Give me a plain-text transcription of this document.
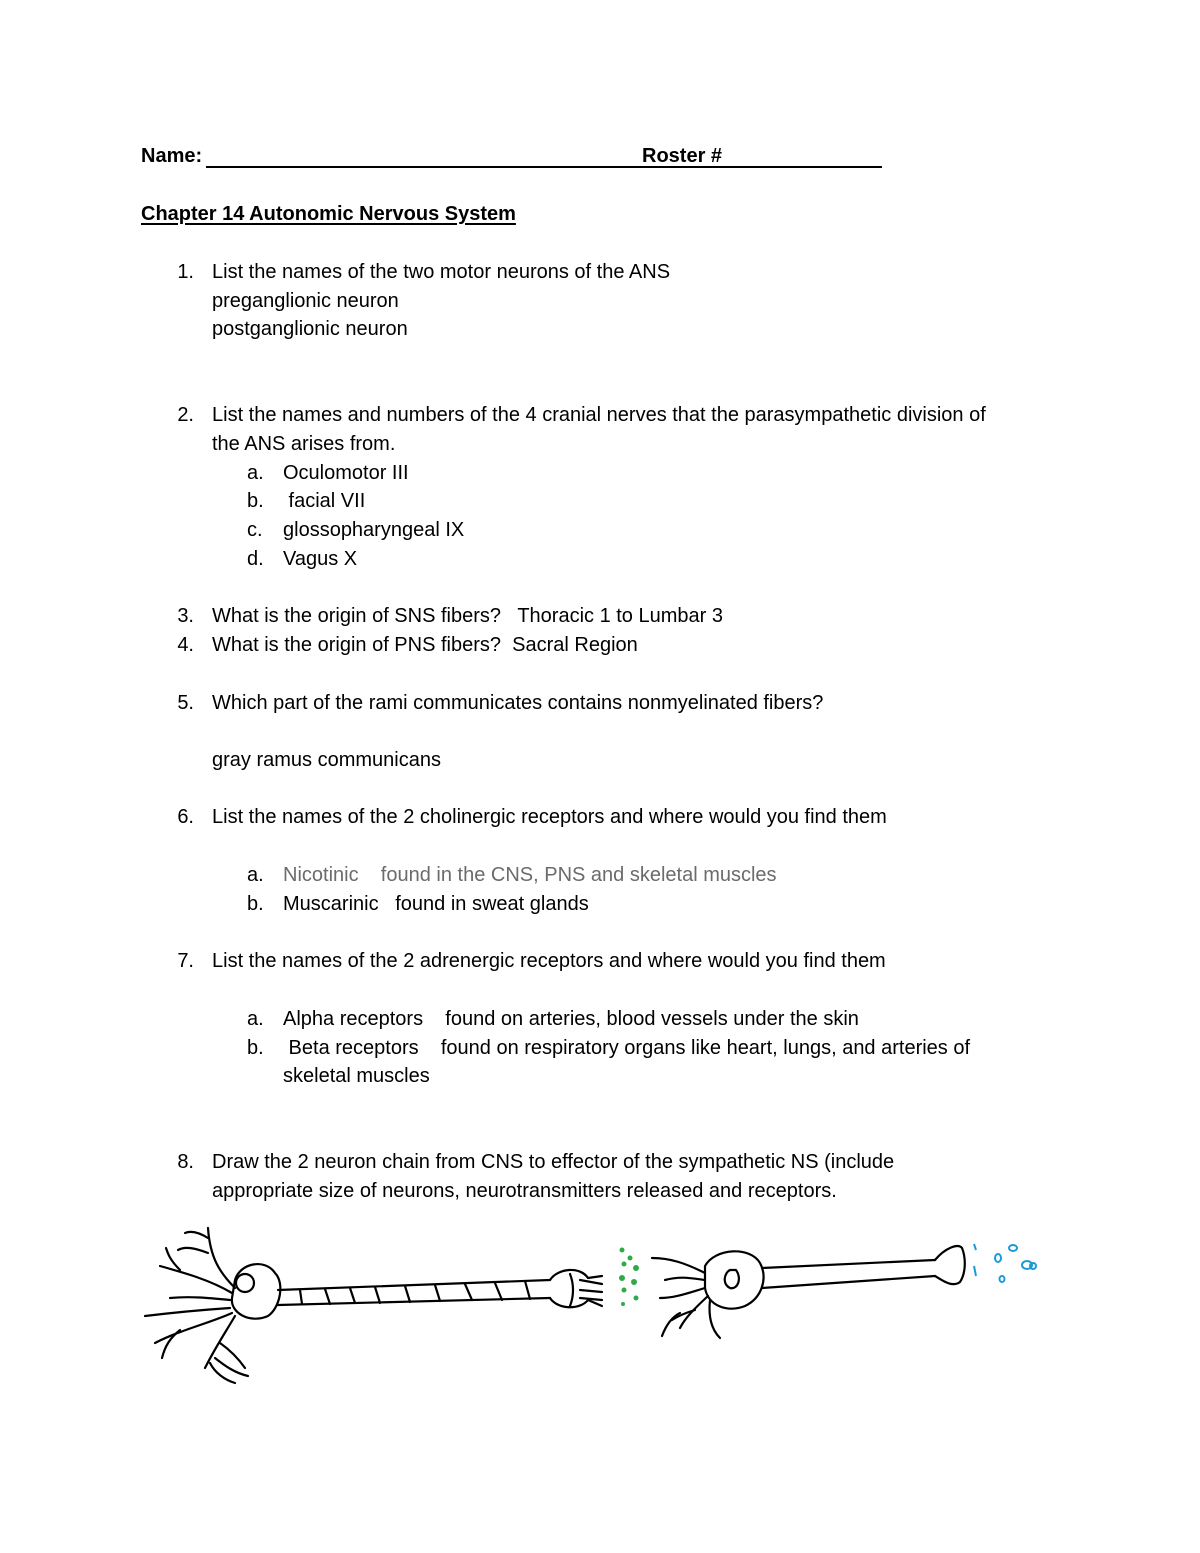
Name:	Roster #
Chapter 14 Autonomic Nervous System
1. List the names of the two motor neurons of the ANS
preganglionic neuron
postganglionic neuron
2. List the names and numbers of the 4 cranial nerves that the parasympathetic division of
the ANS arises from.
a. Oculomotor III
b. facial VII
c. glossopharyngeal IX
d. Vagus X
3. What is the origin of SNS fibers?   Thoracic 1 to Lumbar 3
4. What is the origin of PNS fibers?  Sacral Region
5. Which part of the rami communicates contains nonmyelinated fibers?
gray ramus communicans
6. List the names of the 2 cholinergic receptors and where would you find them
a. Nicotinic    found in the CNS, PNS and skeletal muscles
b. Muscarinic   found in sweat glands
7. List the names of the 2 adrenergic receptors and where would you find them
a. Alpha receptors    found on arteries, blood vessels under the skin
b. Beta receptors    found on respiratory organs like heart, lungs, and arteries of
skeletal muscles
8. Draw the 2 neuron chain from CNS to effector of the sympathetic NS (include
appropriate size of neurons, neurotransmitters released and receptors.
